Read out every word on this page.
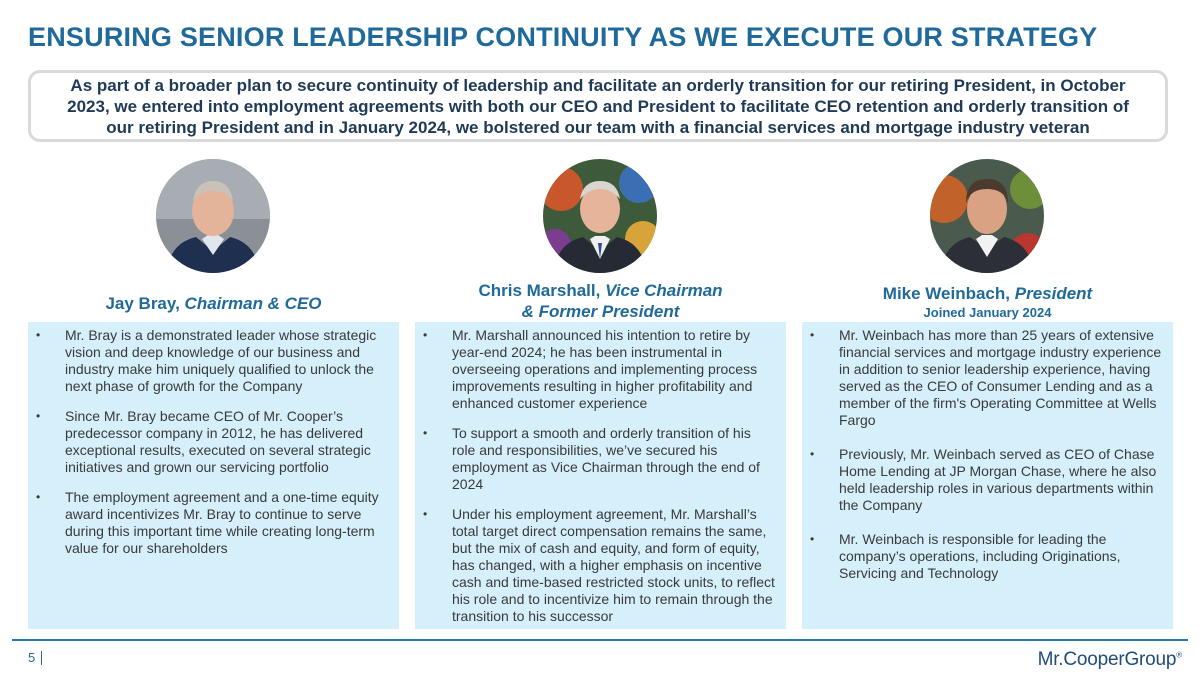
ENSURING SENIOR LEADERSHIP CONTINUITY AS WE EXECUTE OUR STRATEGY
As part of a broader plan to secure continuity of leadership and facilitate an orderly transition for our retiring President, in October 2023, we entered into employment agreements with both our CEO and President to facilitate CEO retention and orderly transition of our retiring President and in January 2024, we bolstered our team with a financial services and mortgage industry veteran
Jay Bray, Chairman & CEO
• Mr. Bray is a demonstrated leader whose strategic vision and deep knowledge of our business and industry make him uniquely qualified to unlock the next phase of growth for the Company
• Since Mr. Bray became CEO of Mr. Cooper’s predecessor company in 2012, he has delivered exceptional results, executed on several strategic initiatives and grown our servicing portfolio
• The employment agreement and a one-time equity award incentivizes Mr. Bray to continue to serve during this important time while creating long-term value for our shareholders
Chris Marshall, Vice Chairman
& Former President
• Mr. Marshall announced his intention to retire by year-end 2024; he has been instrumental in overseeing operations and implementing process improvements resulting in higher profitability and enhanced customer experience
• To support a smooth and orderly transition of his role and responsibilities, we’ve secured his employment as Vice Chairman through the end of 2024
• Under his employment agreement, Mr. Marshall’s total target direct compensation remains the same, but the mix of cash and equity, and form of equity, has changed, with a higher emphasis on incentive cash and time-based restricted stock units, to reflect his role and to incentivize him to remain through the transition to his successor
Mike Weinbach, President
Joined January 2024
• Mr. Weinbach has more than 25 years of extensive financial services and mortgage industry experience in addition to senior leadership experience, having served as the CEO of Consumer Lending and as a member of the firm's Operating Committee at Wells Fargo
• Previously, Mr. Weinbach served as CEO of Chase Home Lending at JP Morgan Chase, where he also held leadership roles in various departments within the Company
• Mr. Weinbach is responsible for leading the company’s operations, including Originations, Servicing and Technology
5	Mr.CooperGroup®
